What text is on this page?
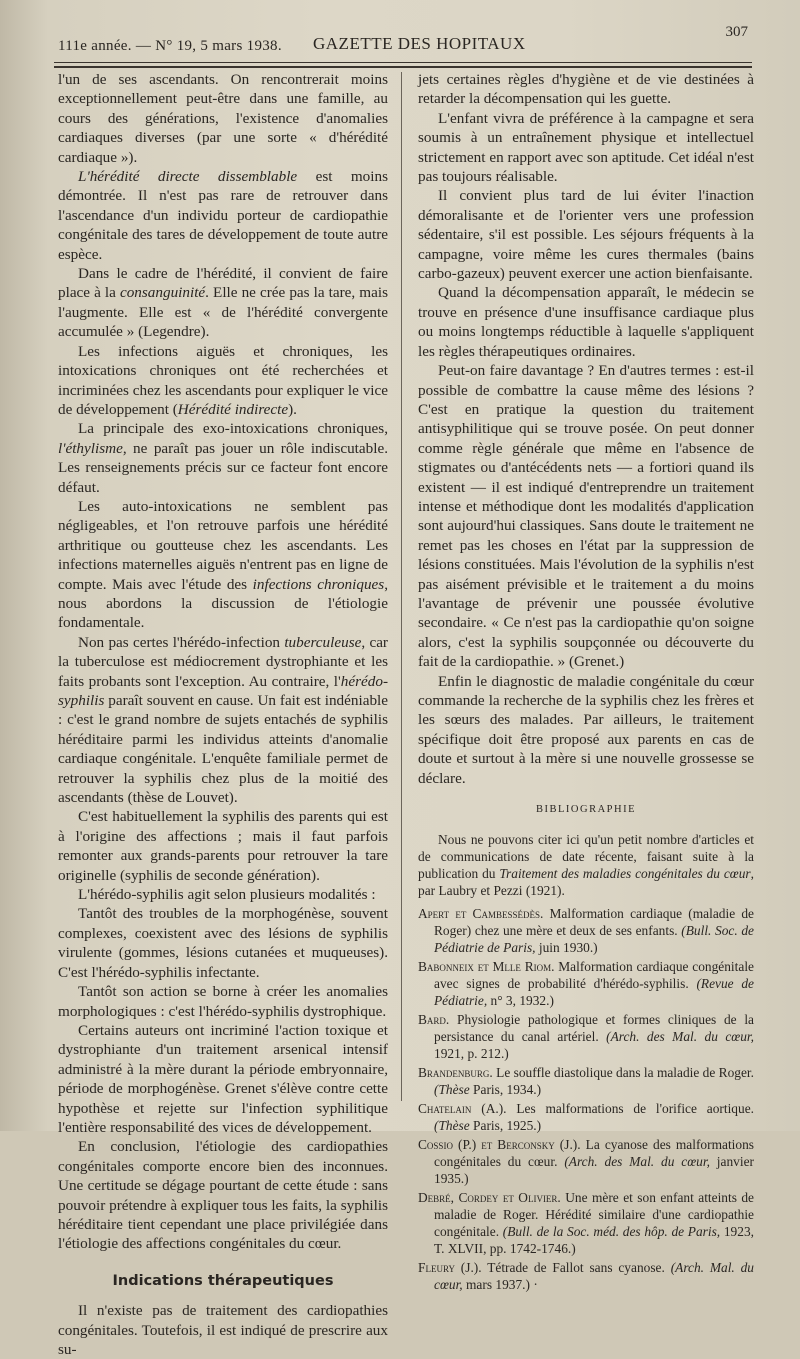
111e année. — N° 19, 5 mars 1938. GAZETTE DES HOPITAUX
307

l'un de ses ascendants. On rencontrerait moins exceptionnellement peut-être dans une famille, au cours des générations, l'existence d'anomalies cardiaques diverses (par une sorte « d'hérédité cardiaque »).

L'hérédité directe dissemblable est moins démontrée. Il n'est pas rare de retrouver dans l'ascendance d'un individu porteur de cardiopathie congénitale des tares de développement de toute autre espèce.

Dans le cadre de l'hérédité, il convient de faire place à la consanguinité. Elle ne crée pas la tare, mais l'augmente. Elle est « de l'hérédité convergente accumulée » (Legendre).

Les infections aiguës et chroniques, les intoxications chroniques ont été recherchées et incriminées chez les ascendants pour expliquer le vice de développement (Hérédité indirecte).

La principale des exo-intoxications chroniques, l'éthylisme, ne paraît pas jouer un rôle indiscutable. Les renseignements précis sur ce facteur font encore défaut.

Les auto-intoxications ne semblent pas négligeables, et l'on retrouve parfois une hérédité arthritique ou goutteuse chez les ascendants. Les infections maternelles aiguës n'entrent pas en ligne de compte. Mais avec l'étude des infections chroniques, nous abordons la discussion de l'étiologie fondamentale.

Non pas certes l'hérédo-infection tuberculeuse, car la tuberculose est médiocrement dystrophiante et les faits probants sont l'exception. Au contraire, l'hérédo-syphilis paraît souvent en cause. Un fait est indéniable : c'est le grand nombre de sujets entachés de syphilis héréditaire parmi les individus atteints d'anomalie cardiaque congénitale. L'enquête familiale permet de retrouver la syphilis chez plus de la moitié des ascendants (thèse de Louvet).

C'est habituellement la syphilis des parents qui est à l'origine des affections ; mais il faut parfois remonter aux grands-parents pour retrouver la tare originelle (syphilis de seconde génération).

L'hérédo-syphilis agit selon plusieurs modalités :

Tantôt des troubles de la morphogénèse, souvent complexes, coexistent avec des lésions de syphilis virulente (gommes, lésions cutanées et muqueuses). C'est l'hérédo-syphilis infectante.

Tantôt son action se borne à créer les anomalies morphologiques : c'est l'hérédo-syphilis dystrophique.

Certains auteurs ont incriminé l'action toxique et dystrophiante d'un traitement arsenical intensif administré à la mère durant la période embryonnaire, période de morphogénèse. Grenet s'élève contre cette hypothèse et rejette sur l'infection syphilitique l'entière responsabilité des vices de développement.

En conclusion, l'étiologie des cardiopathies congénitales comporte encore bien des inconnues. Une certitude se dégage pourtant de cette étude : sans pouvoir prétendre à expliquer tous les faits, la syphilis héréditaire tient cependant une place privilégiée dans l'étiologie des affections congénitales du cœur.

Indications thérapeutiques

Il n'existe pas de traitement des cardiopathies congénitales. Toutefois, il est indiqué de prescrire aux su-

jets certaines règles d'hygiène et de vie destinées à retarder la décompensation qui les guette.

L'enfant vivra de préférence à la campagne et sera soumis à un entraînement physique et intellectuel strictement en rapport avec son aptitude. Cet idéal n'est pas toujours réalisable.

Il convient plus tard de lui éviter l'inaction démoralisante et de l'orienter vers une profession sédentaire, s'il est possible. Les séjours fréquents à la campagne, voire même les cures thermales (bains carbo-gazeux) peuvent exercer une action bienfaisante.

Quand la décompensation apparaît, le médecin se trouve en présence d'une insuffisance cardiaque plus ou moins longtemps réductible à laquelle s'appliquent les règles thérapeutiques ordinaires.

Peut-on faire davantage ? En d'autres termes : est-il possible de combattre la cause même des lésions ? C'est en pratique la question du traitement antisyphilitique qui se trouve posée. On peut donner comme règle générale que même en l'absence de stigmates ou d'antécédents nets — a fortiori quand ils existent — il est indiqué d'entreprendre un traitement intense et méthodique dont les modalités d'application sont aujourd'hui classiques. Sans doute le traitement ne remet pas les choses en l'état par la suppression de lésions constituées. Mais l'évolution de la syphilis n'est pas aisément prévisible et le traitement a du moins l'avantage de prévenir une poussée évolutive secondaire. « Ce n'est pas la cardiopathie qu'on soigne alors, c'est la syphilis soupçonnée ou découverte du fait de la cardiopathie. » (Grenet.)

Enfin le diagnostic de maladie congénitale du cœur commande la recherche de la syphilis chez les frères et les sœurs des malades. Par ailleurs, le traitement spécifique doit être proposé aux parents en cas de doute et surtout à la mère si une nouvelle grossesse se déclare.

BIBLIOGRAPHIE

Nous ne pouvons citer ici qu'un petit nombre d'articles et de communications de date récente, faisant suite à la publication du Traitement des maladies congénitales du cœur, par Laubry et Pezzi (1921).

Apert et Cambessédès. Malformation cardiaque (maladie de Roger) chez une mère et deux de ses enfants. (Bull. Soc. de Pédiatrie de Paris, juin 1930.)

Babonneix et Mlle Riom. Malformation cardiaque congénitale avec signes de probabilité d'hérédo-syphilis. (Revue de Pédiatrie, n° 3, 1932.)

Bard. Physiologie pathologique et formes cliniques de la persistance du canal artériel. (Arch. des Mal. du cœur, 1921, p. 212.)

Brandenburg. Le souffle diastolique dans la maladie de Roger. (Thèse Paris, 1934.)

Chatelain (A.). Les malformations de l'orifice aortique. (Thèse Paris, 1925.)

Cossio (P.) et Berconsky (J.). La cyanose des malformations congénitales du cœur. (Arch. des Mal. du cœur, janvier 1935.)

Debré, Cordey et Olivier. Une mère et son enfant atteints de maladie de Roger. Hérédité similaire d'une cardiopathie congénitale. (Bull. de la Soc. méd. des hôp. de Paris, 1923, T. XLVII, pp. 1742-1746.)

Fleury (J.). Tétrade de Fallot sans cyanose. (Arch. Mal. du cœur, mars 1937.) ·
